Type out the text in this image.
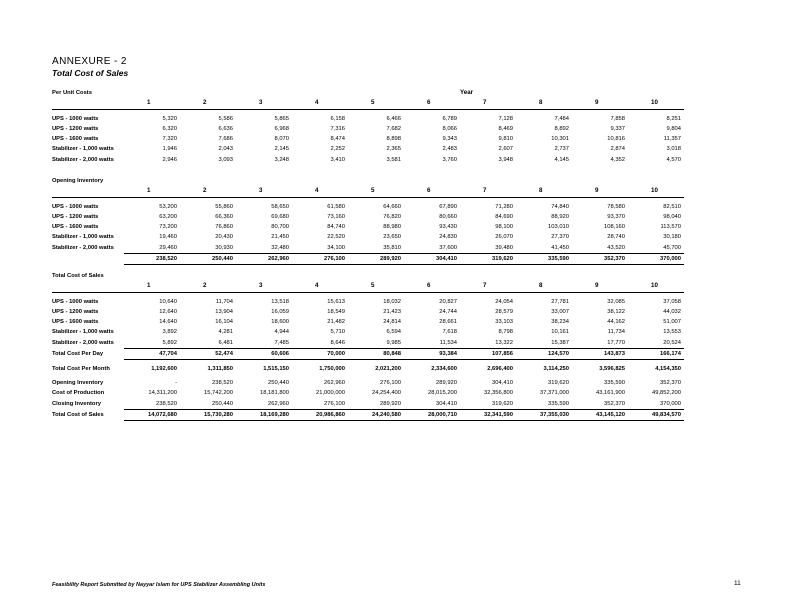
ANNEXURE - 2
Total Cost of Sales
Per Unit Costs							Year			
	1	2	3	4	5	6	7	8	9	10

UPS - 1000 watts	5,320	5,586	5,865	6,158	6,466	6,789	7,128	7,484	7,858	8,251
UPS - 1200 watts	6,320	6,636	6,968	7,316	7,682	8,066	8,469	8,892	9,337	9,804
UPS - 1600 watts	7,320	7,686	8,070	8,474	8,898	9,343	9,810	10,301	10,816	11,357
Stabilizer - 1,000 watts	1,946	2,043	2,145	2,252	2,365	2,483	2,607	2,737	2,874	3,018
Stabilizer - 2,000 watts	2,946	3,093	3,248	3,410	3,581	3,760	3,948	4,145	4,352	4,570
Opening Inventory										
	1	2	3	4	5	6	7	8	9	10

UPS - 1000 watts	53,200	55,860	58,650	61,580	64,660	67,890	71,280	74,840	78,580	82,510
UPS - 1200 watts	63,200	66,360	69,680	73,160	76,820	80,660	84,690	88,920	93,370	98,040
UPS - 1600 watts	73,200	76,860	80,700	84,740	88,980	93,430	98,100	103,010	108,160	113,570
Stabilizer - 1,000 watts	19,460	20,430	21,450	22,520	23,650	24,830	26,070	27,370	28,740	30,180
Stabilizer - 2,000 watts	29,460	30,930	32,480	34,100	35,810	37,600	39,480	41,450	43,520	45,700
	238,520	250,440	262,960	276,100	289,920	304,410	319,620	335,590	352,370	370,000
Total Cost of Sales										
	1	2	3	4	5	6	7	8	9	10

UPS - 1000 watts	10,640	11,704	13,518	15,613	18,032	20,827	24,054	27,781	32,085	37,058
UPS - 1200 watts	12,640	13,904	16,059	18,549	21,423	24,744	28,579	33,007	38,122	44,032
UPS - 1600 watts	14,640	16,104	18,600	21,482	24,814	28,661	33,103	38,234	44,162	51,007
Stabilizer - 1,000 watts	3,892	4,281	4,944	5,710	6,594	7,618	8,798	10,161	11,734	13,553
Stabilizer - 2,000 watts	5,892	6,481	7,485	8,646	9,985	11,534	13,322	15,387	17,770	20,524
Total Cost Per Day	47,704	52,474	60,606	70,000	80,848	93,384	107,856	124,570	143,873	166,174

Total Cost Per Month	1,192,600	1,311,850	1,515,150	1,750,000	2,021,200	2,334,600	2,696,400	3,114,250	3,596,825	4,154,350
Opening Inventory	-	238,520	250,440	262,960	276,100	289,920	304,410	319,620	335,590	352,370
Cost of Production	14,311,200	15,742,200	18,181,800	21,000,000	24,254,400	28,015,200	32,356,800	37,371,000	43,161,900	49,852,200
Closing Inventory	238,520	250,440	262,960	276,100	289,920	304,410	319,620	335,590	352,370	370,000
Total Cost of Sales	14,072,680	15,730,280	18,169,280	20,986,860	24,240,580	28,000,710	32,341,590	37,355,030	43,145,120	49,834,570
Feasibility Report Submitted by Nayyar Islam for UPS Stabilizer Assembling Units	11
